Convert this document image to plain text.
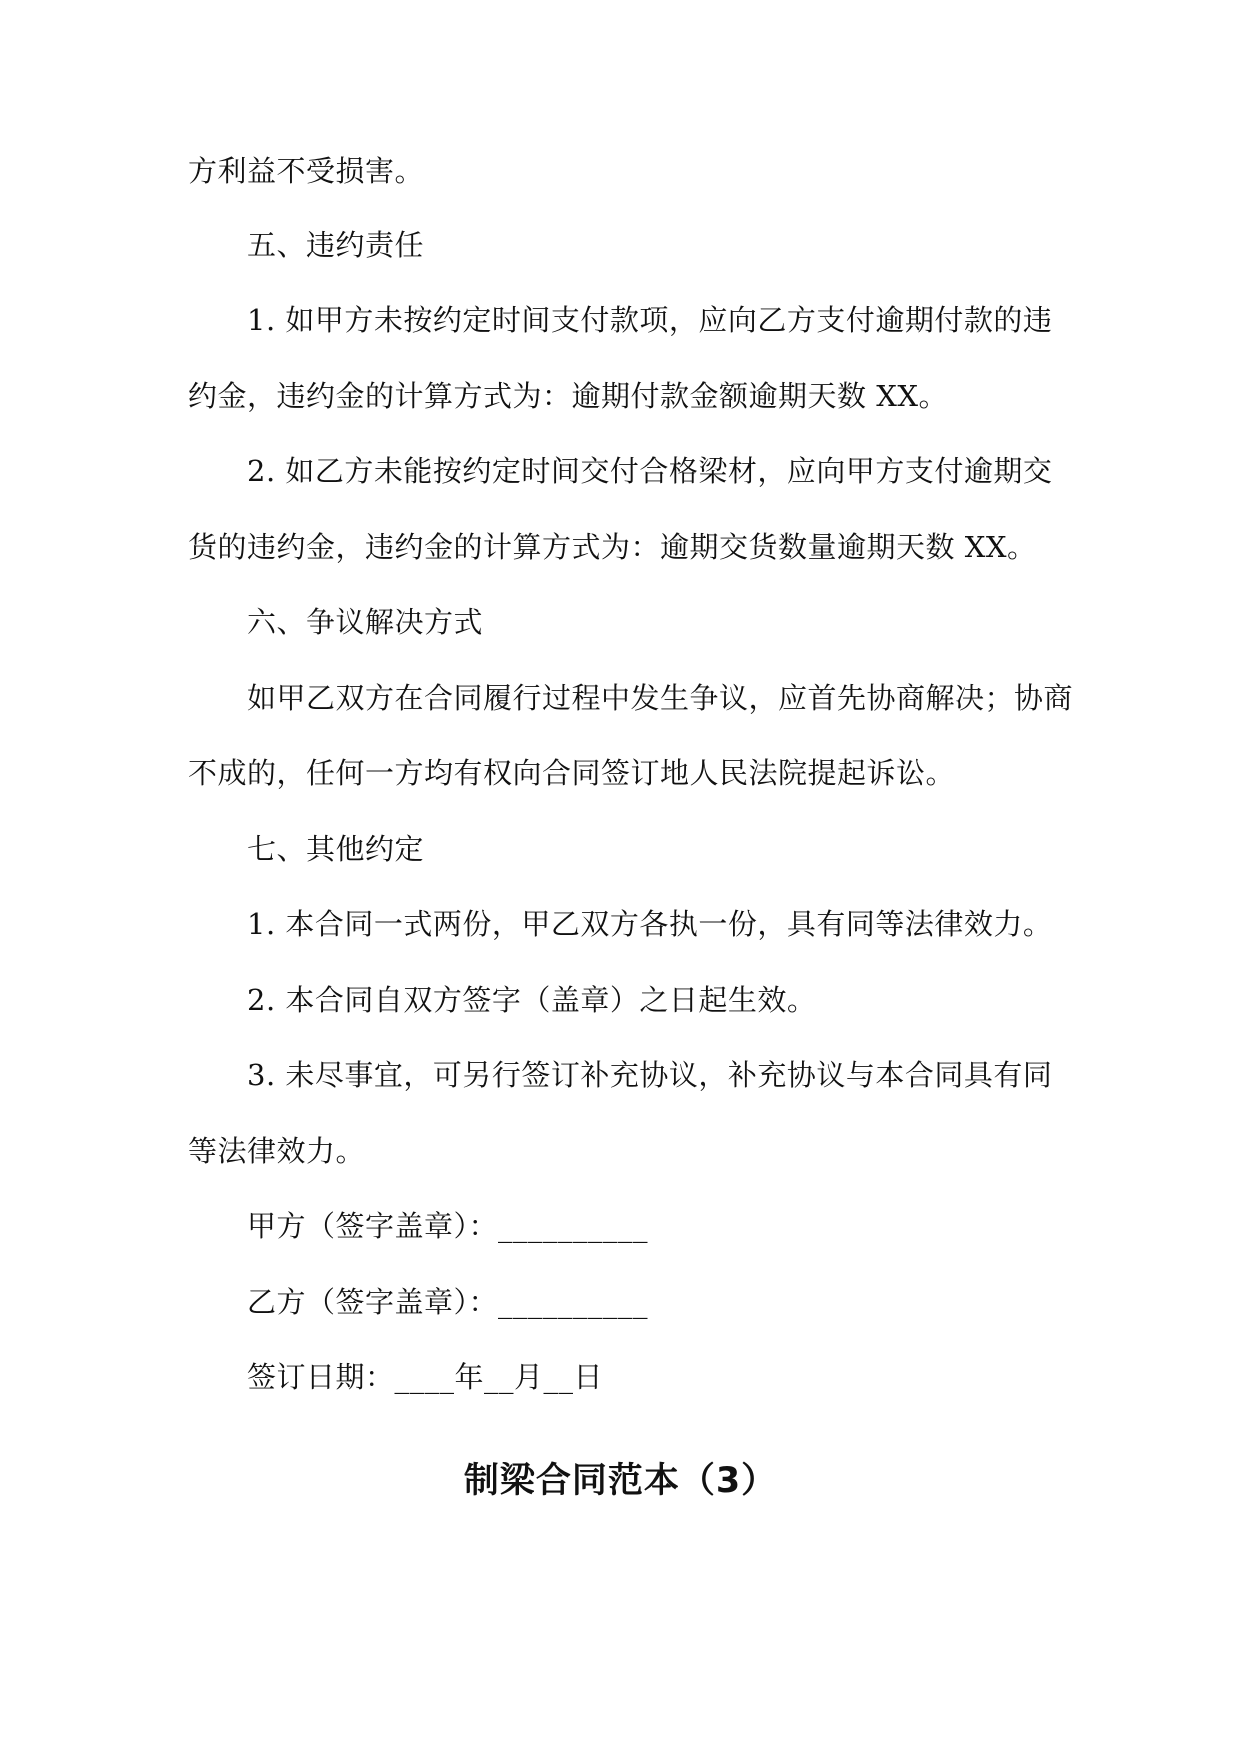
方利益不受损害。
五、违约责任
1. 如甲方未按约定时间支付款项，应向乙方支付逾期付款的违
约金，违约金的计算方式为：逾期付款金额逾期天数 XX。
2. 如乙方未能按约定时间交付合格梁材，应向甲方支付逾期交
货的违约金，违约金的计算方式为：逾期交货数量逾期天数 XX。
六、争议解决方式
如甲乙双方在合同履行过程中发生争议，应首先协商解决；协商
不成的，任何一方均有权向合同签订地人民法院提起诉讼。
七、其他约定
1. 本合同一式两份，甲乙双方各执一份，具有同等法律效力。
2. 本合同自双方签字（盖章）之日起生效。
3. 未尽事宜，可另行签订补充协议，补充协议与本合同具有同
等法律效力。
甲方（签字盖章）：__________
乙方（签字盖章）：__________
签订日期：____年__月__日
制梁合同范本（3）
